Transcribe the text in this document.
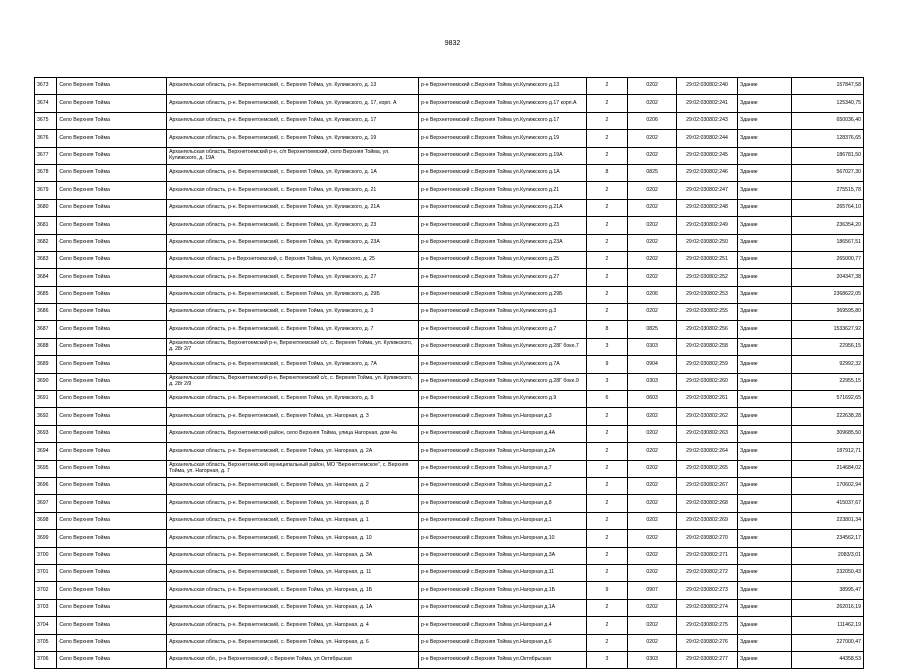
9832
3673	Село Верхняя Тойма	Архангельская область, р-н. Верхнетоемский, с. Верхняя Тойма, ул. Кулижского, д. 13	р-н Верхнетоемский с.Верхняя Тойма ул.Кулижского д.13	2	0202	29:02:030802:240	Здание	157847,58
3674	Село Верхняя Тойма	Архангельская область, р-н. Верхнетоемский, с. Верхняя Тойма, ул. Кулижского, д. 17, корп. А	р-н Верхнетоемский с.Верхняя Тойма ул.Кулижского д.17 корп.А	2	0202	29:02:030802:241	Здание	125340,75
3675	Село Верхняя Тойма	Архангельская область, р-н. Верхнетоемский, с. Верхняя Тойма, ул. Кулижского, д. 17	р-н Верхнетоемский с.Верхняя Тойма ул.Кулижского д.17	2	0206	29:02:030802:243	Здание	650036,40
3676	Село Верхняя Тойма	Архангельская область, р-н. Верхнетоемский, с. Верхняя Тойма, ул. Кулижского, д. 19	р-н Верхнетоемский с.Верхняя Тойма ул.Кулижского д.19	2	0202	29:02:030802:244	Здание	128376,65
3677	Село Верхняя Тойма	Архангельская область, Верхнетоемский р-н, с/п Верхнетоемский, село Верхняя Тойма, ул. Кулижского, д. 19А	р-н Верхнетоемский с.Верхняя Тойма ул.Кулижского д.19А	2	0202	29:02:030802:245	Здание	186781,50
3678	Село Верхняя Тойма	Архангельская область, р-н. Верхнетоемский, с. Верхняя Тойма, ул. Кулижского, д. 1А	р-н Верхнетоемский с.Верхняя Тойма ул.Кулижского д.1А	8	0825	29:02:030802:246	Здание	567027,30
3679	Село Верхняя Тойма	Архангельская область, р-н. Верхнетоемский, с. Верхняя Тойма, ул. Кулижского, д. 21	р-н Верхнетоемский с.Верхняя Тойма ул.Кулижского д.21	2	0202	29:02:030802:247	Здание	275515,78
3680	Село Верхняя Тойма	Архангельская область, р-н. Верхнетоемский, с. Верхняя Тойма, ул. Кулижского, д. 21А	р-н Верхнетоемский с.Верхняя Тойма ул.Кулижского д.21А	2	0202	29:02:030802:248	Здание	265764,10
3681	Село Верхняя Тойма	Архангельская область, р-н. Верхнетоемский, с. Верхняя Тойма, ул. Кулижского, д. 23	р-н Верхнетоемский с.Верхняя Тойма ул.Кулижского д.23	2	0202	29:02:030802:249	Здание	236354,20
3682	Село Верхняя Тойма	Архангельская область, р-н. Верхнетоемский, с. Верхняя Тойма, ул. Кулижского, д. 23А	р-н Верхнетоемский с.Верхняя Тойма ул.Кулижского д.23А	2	0202	29:02:030802:250	Здание	186567,51
3683	Село Верхняя Тойма	Архангельская область, р-н Верхнетоемский, с. Верхняя Тойма, ул. Кулижского, д. 25	р-н Верхнетоемский с.Верхняя Тойма ул.Кулижского д.25	2	0202	29:02:030802:251	Здание	265000,77
3684	Село Верхняя Тойма	Архангельская область, р-н. Верхнетоемский, с. Верхняя Тойма, ул. Кулижского, д. 27	р-н Верхнетоемский с.Верхняя Тойма ул.Кулижского д.27	2	0202	29:02:030802:252	Здание	204347,38
3685	Село Верхняя Тойма	Архангельская область, р-н. Верхнетоемский, с. Верхняя Тойма, ул. Кулижского, д. 29Б	р-н Верхнетоемский с.Верхняя Тойма ул.Кулижского д.29Б	2	0206	29:02:030802:253	Здание	2368622,05
3686	Село Верхняя Тойма	Архангельская область, р-н. Верхнетоемский, с. Верхняя Тойма, ул. Кулижского, д. 3	р-н Верхнетоемский с.Верхняя Тойма ул.Кулижского д.3	2	0202	29:02:030802:255	Здание	369595,80
3687	Село Верхняя Тойма	Архангельская область, р-н. Верхнетоемский, с. Верхняя Тойма, ул. Кулижского, д. 7	р-н Верхнетоемский с.Верхняя Тойма ул.Кулижского д.7	8	0825	29:02:030802:256	Здание	1533627,92
3688	Село Верхняя Тойма	Архангельская область, Верхнетоемский р-н, Верхнетоемский с/с, с. Верхняя Тойма, ул. Кулижского, д. 28г 2/7	р-н Верхнетоемский с.Верхняя Тойма ул.Кулижского д.28Г боке.7	3	0303	29:02:030802:258	Здание	22956,15
3689	Село Верхняя Тойма	Архангельская область, р-н. Верхнетоемский, с. Верхняя Тойма, ул. Кулижского, д. 7А	р-н Верхнетоемский с.Верхняя Тойма ул.Кулижского д.7А	9	0904	29:02:030802:259	Здание	92992,32
3690	Село Верхняя Тойма	Архангельская область, Верхнетоемский р-н, Верхнетоемский с/с, с. Верхняя Тойма, ул. Кулижского, д. 28г 2/9	р-н Верхнетоемский с.Верхняя Тойма ул.Кулижского д.28Г боке.9	3	0303	29:02:030802:260	Здание	22955,15
3691	Село Верхняя Тойма	Архангельская область, р-н. Верхнетоемский, с. Верхняя Тойма, ул. Кулижского, д. 9	р-н Верхнетоемский с.Верхняя Тойма ул.Кулижского д.9	6	0603	29:02:030802:261	Здание	571692,65
3692	Село Верхняя Тойма	Архангельская область, р-н. Верхнетоемский, с. Верхняя Тойма, ул. Нагорная, д. 3	р-н Верхнетоемский с.Верхняя Тойма ул.Нагорная д.3	2	0202	29:02:030802:262	Здание	222638,28
3693	Село Верхняя Тойма	Архангельская область, Верхнетоемский район, село Верхняя Тойма, улица Нагорная, дом 4а	р-н Верхнетоемский с.Верхняя Тойма ул.Нагорная д.4А	2	0202	29:02:030802:263	Здание	309685,50
3694	Село Верхняя Тойма	Архангельская область, р-н. Верхнетоемский, с. Верхняя Тойма, ул. Нагорная, д. 2А	р-н Верхнетоемский с.Верхняя Тойма ул.Нагорная д.2А	2	0202	29:02:030802:264	Здание	187912,71
3695	Село Верхняя Тойма	Архангельская область, Верхнетоемский муниципальный район, МО "Верхнетоемское", с. Верхняя Тойма, ул. Нагорная, д. 7	р-н Верхнетоемский с.Верхняя Тойма ул.Нагорная д.7	2	0202	29:02:030802:265	Здание	214684,02
3696	Село Верхняя Тойма	Архангельская область, р-н. Верхнетоемский, с. Верхняя Тойма, ул. Нагорная, д. 2	р-н Верхнетоемский с.Верхняя Тойма ул.Нагорная д.2	2	0202	29:02:030802:267	Здание	170602,94
3697	Село Верхняя Тойма	Архангельская область, р-н. Верхнетоемский, с. Верхняя Тойма, ул. Нагорная, д. 8	р-н Верхнетоемский с.Верхняя Тойма ул.Нагорная д.8	2	0202	29:02:030802:268	Здание	415037,67
3698	Село Верхняя Тойма	Архангельская область, р-н. Верхнетоемский, с. Верхняя Тойма, ул. Нагорная, д. 1	р-н Верхнетоемский с.Верхняя Тойма ул.Нагорная д.1	2	0202	29:02:030802:269	Здание	223801,34
3699	Село Верхняя Тойма	Архангельская область, р-н. Верхнетоемский, с. Верхняя Тойма, ул. Нагорная, д. 10	р-н Верхнетоемский с.Верхняя Тойма ул.Нагорная д.10	2	0202	29:02:030802:270	Здание	234562,17
3700	Село Верхняя Тойма	Архангельская область, р-н. Верхнетоемский, с. Верхняя Тойма, ул. Нагорная, д. 3А	р-н Верхнетоемский с.Верхняя Тойма ул.Нагорная д.3А	2	0202	29:02:030802:271	Здание	2083/3,01
3701	Село Верхняя Тойма	Архангельская область, р-н. Верхнетоемский, с. Верхняя Тойма, ул. Нагорная, д. 11	р-н Верхнетоемский с.Верхняя Тойма ул.Нагорная д.11	2	0202	29:02:030802:272	Здание	232050,43
3702	Село Верхняя Тойма	Архангельская область, р-н. Верхнетоемский, с. Верхняя Тойма, ул. Нагорная, д. 1Б	р-н Верхнетоемский с.Верхняя Тойма ул.Нагорная д.1Б	9	0907	29:02:030802:273	Здание	38995,47
3703	Село Верхняя Тойма	Архангельская область, р-н. Верхнетоемский, с. Верхняя Тойма, ул. Нагорная, д. 1А	р-н Верхнетоемский с.Верхняя Тойма ул.Нагорная д.1А	2	0202	29:02:030802:274	Здание	262016,19
3704	Село Верхняя Тойма	Архангельская область, р-н. Верхнетоемский, с. Верхняя Тойма, ул. Нагорная, д. 4	р-н Верхнетоемский с.Верхняя Тойма ул.Нагорная д.4	2	0202	29:02:030802:275	Здание	111462,19
3705	Село Верхняя Тойма	Архангельская область, р-н. Верхнетоемский, с. Верхняя Тойма, ул. Нагорная, д. 6	р-н Верхнетоемский с.Верхняя Тойма ул.Нагорная д.6	2	0202	29:02:030802:276	Здание	227000,47
3706	Село Верхняя Тойма	Архангельская обл., р-н Верхнетоемский, с Верхняя Тойма, ул Октябрьская	р-н Верхнетоемский с.Верхняя Тойма ул.Октябрьская	3	0303	29:02:030802:277	Здание	44358,53
